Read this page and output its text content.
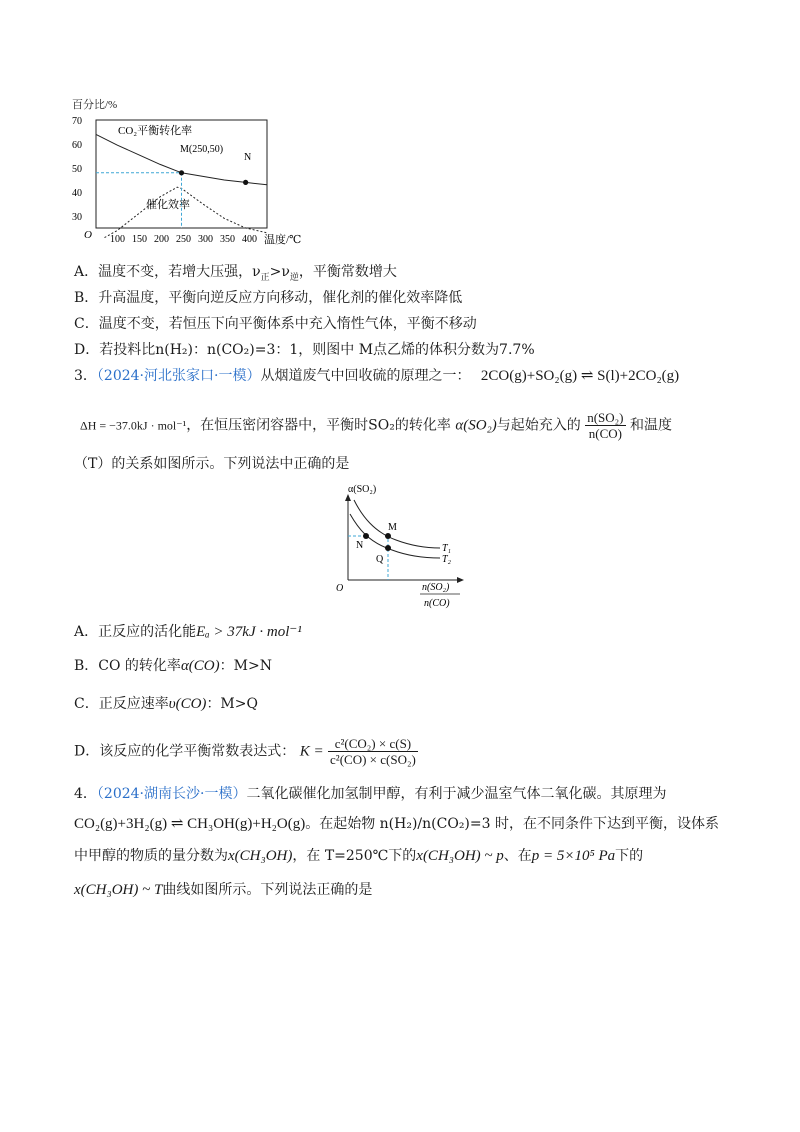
百分比/%
70
60
50
40
30
O
CO₂平衡转化率
催化效率
M(250,50)
N
100 150 200 250 300 350 400 温度/℃
A．温度不变，若增大压强，$\nu_正>\nu_逆$，平衡常数增大
B．升高温度，平衡向逆反应方向移动，催化剂的催化效率降低
C．温度不变，若恒压下向平衡体系中充入惰性气体，平衡不移动
D．若投料比n(H₂)：n(CO₂)=3：1，则图中 M点乙烯的体积分数为7.7%
3．（2024·河北张家口·一模）从烟道废气中回收硫的原理之一： 2CO(g)+SO₂(g) ⇌ S(l)+2CO₂(g)
ΔH = −37.0kJ · mol⁻¹，在恒压密闭容器中，平衡时SO₂的转化率 α(SO₂)与起始充入的 $\frac{\text{n(SO₂)}}{n(CO)}$ 和温度
（T）的关系如图所示。下列说法中正确的是
α(SO₂)
M
N
Q
T₁
T₂
O	n(SO₂)
n(CO)
A．正反应的活化能Eₐ > 37kJ · mol⁻¹
B．CO 的转化率α(CO)：M>N
C．正反应速率υ(CO)：M>Q
D．该反应的化学平衡常数表达式： $K = \frac{\text{c²(CO₂) × c(S)}}{\text{c²(CO) × c(SO₂)}}$
4．（2024·湖南长沙·一模）二氧化碳催化加氢制甲醇，有利于减少温室气体二氧化碳。其原理为
CO₂(g)+3H₂(g) ⇌ CH₃OH(g)+H₂O(g)。在起始物 n(H₂)/n(CO₂)=3 时，在不同条件下达到平衡，设体系
中甲醇的物质的量分数为x(CH₃OH)，在 T=250℃下的x(CH₃OH) ~ p、在p = 5×10⁵ Pa下的
x(CH₃OH) ~ T曲线如图所示。下列说法正确的是
